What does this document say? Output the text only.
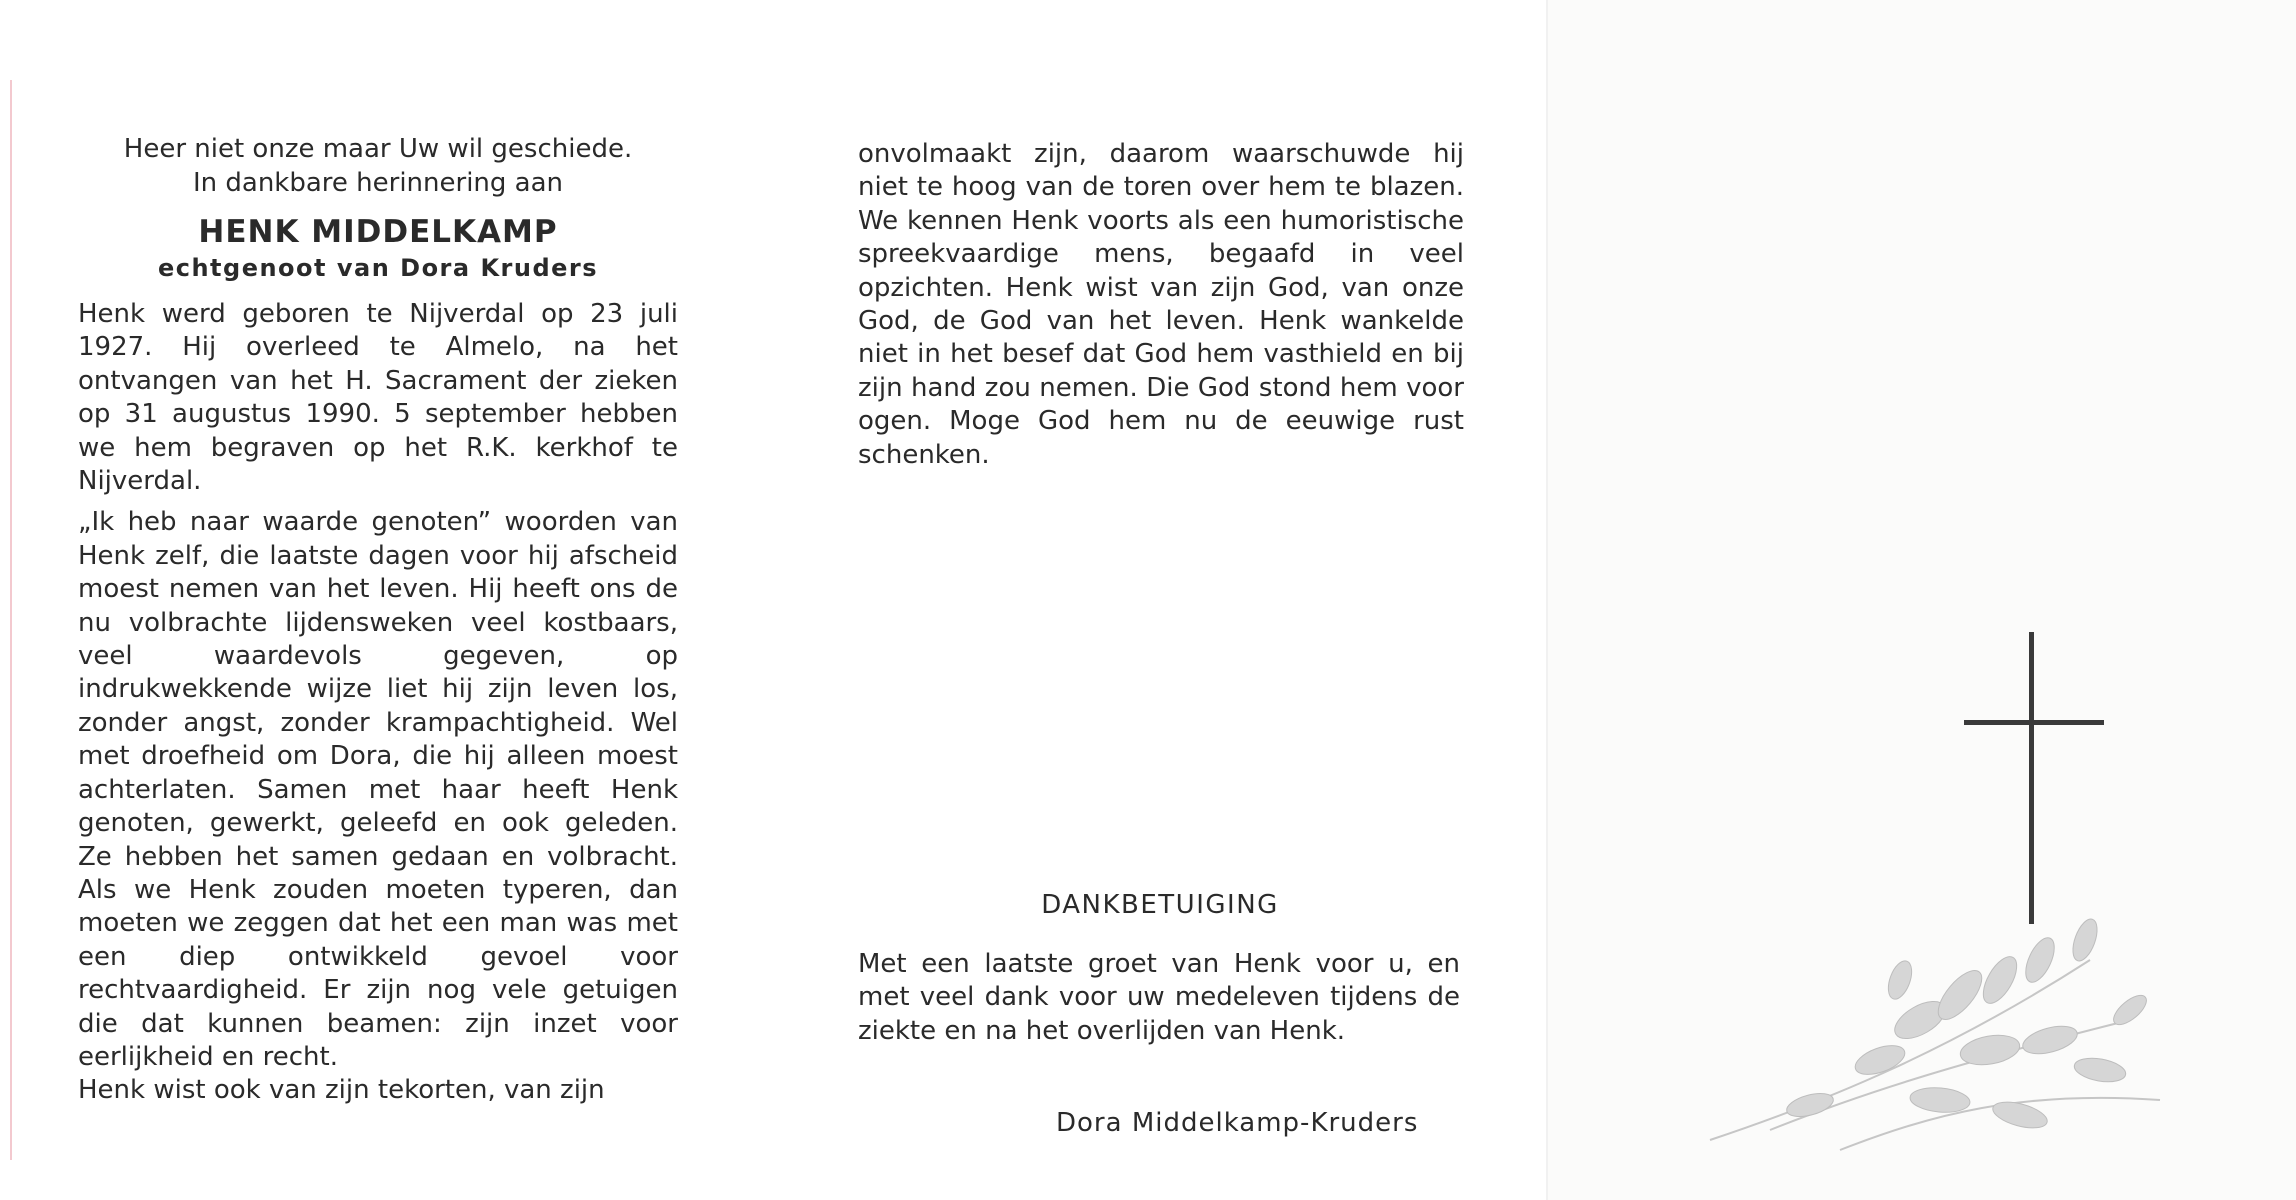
Heer niet onze maar Uw wil geschiede.

In dankbare herinnering aan

HENK MIDDELKAMP

echtgenoot van Dora Kruders

Henk werd geboren te Nijverdal op 23 juli 1927. Hij overleed te Almelo, na het ontvangen van het H. Sacrament der zieken op 31 augustus 1990. 5 september hebben we hem begraven op het R.K. kerkhof te Nijverdal.

„Ik heb naar waarde genoten” woorden van Henk zelf, die laatste dagen voor hij afscheid moest nemen van het leven. Hij heeft ons de nu volbrachte lijdensweken veel kostbaars, veel waardevols gegeven, op indrukwekkende wijze liet hij zijn leven los, zonder angst, zonder krampachtigheid. Wel met droefheid om Dora, die hij alleen moest achterlaten. Samen met haar heeft Henk genoten, gewerkt, geleefd en ook geleden. Ze hebben het samen gedaan en volbracht. Als we Henk zouden moeten typeren, dan moeten we zeggen dat het een man was met een diep ontwikkeld gevoel voor rechtvaardigheid. Er zijn nog vele getuigen die dat kunnen beamen: zijn inzet voor eerlijkheid en recht.

Henk wist ook van zijn tekorten, van zijn

onvolmaakt zijn, daarom waarschuwde hij niet te hoog van de toren over hem te blazen. We kennen Henk voorts als een humoristische spreekvaardige mens, begaafd in veel opzichten. Henk wist van zijn God, van onze God, de God van het leven. Henk wankelde niet in het besef dat God hem vasthield en bij zijn hand zou nemen. Die God stond hem voor ogen. Moge God hem nu de eeuwige rust schenken.

DANKBETUIGING

Met een laatste groet van Henk voor u, en met veel dank voor uw medeleven tijdens de ziekte en na het overlijden van Henk.

Dora Middelkamp-Kruders
